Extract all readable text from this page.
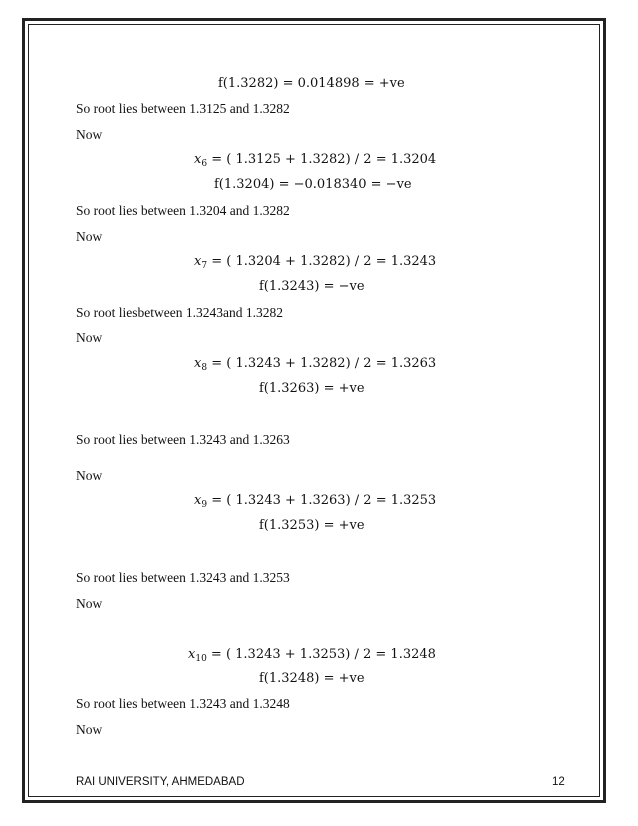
f(1.3282) = 0.014898 = +ve
So root lies between 1.3125 and 1.3282
Now
$x_6$ = ( 1.3125 + 1.3282) / 2 = 1.3204
f(1.3204) = −0.018340 = −ve
So root lies between 1.3204 and 1.3282
Now
$x_7$ = ( 1.3204 + 1.3282) / 2 = 1.3243
f(1.3243) = −ve
So root liesbetween 1.3243and 1.3282
Now
$x_8$ = ( 1.3243 + 1.3282) / 2 = 1.3263
f(1.3263) = +ve
So root lies between 1.3243 and 1.3263
Now
$x_9$ = ( 1.3243 + 1.3263) / 2 = 1.3253
f(1.3253) = +ve
So root lies between 1.3243 and 1.3253
Now
$x_{10}$ = ( 1.3243 + 1.3253) / 2 = 1.3248
f(1.3248) = +ve
So root lies between 1.3243 and 1.3248
Now
RAI UNIVERSITY, AHMEDABAD	12
